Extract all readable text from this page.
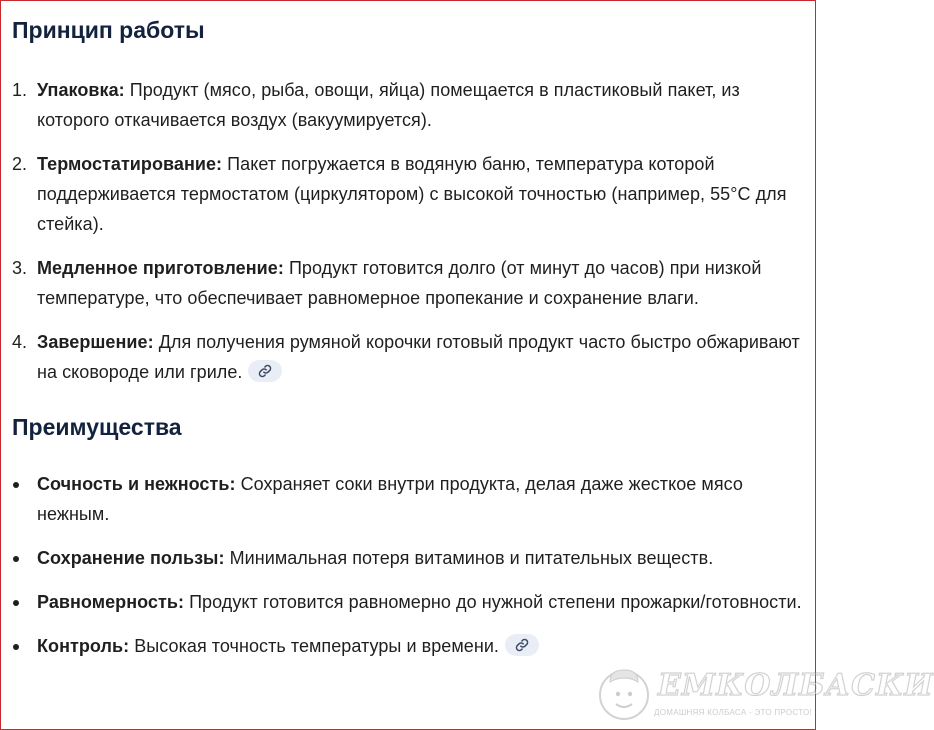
Принцип работы
1. Упаковка: Продукт (мясо, рыба, овощи, яйца) помещается в пластиковый пакет, из которого откачивается воздух (вакуумируется).
2. Термостатирование: Пакет погружается в водяную баню, температура которой поддерживается термостатом (циркулятором) с высокой точностью (например, 55°C для стейка).
3. Медленное приготовление: Продукт готовится долго (от минут до часов) при низкой температуре, что обеспечивает равномерное пропекание и сохранение влаги.
4. Завершение: Для получения румяной корочки готовый продукт часто быстро обжаривают на сковороде или гриле.
Преимущества
Сочность и нежность: Сохраняет соки внутри продукта, делая даже жесткое мясо нежным.
Сохранение пользы: Минимальная потеря витаминов и питательных веществ.
Равномерность: Продукт готовится равномерно до нужной степени прожарки/готовности.
Контроль: Высокая точность температуры и времени.
ЕМКОЛБАСКИ
ДОМАШНЯЯ КОЛБАСА - ЭТО ПРОСТО!
